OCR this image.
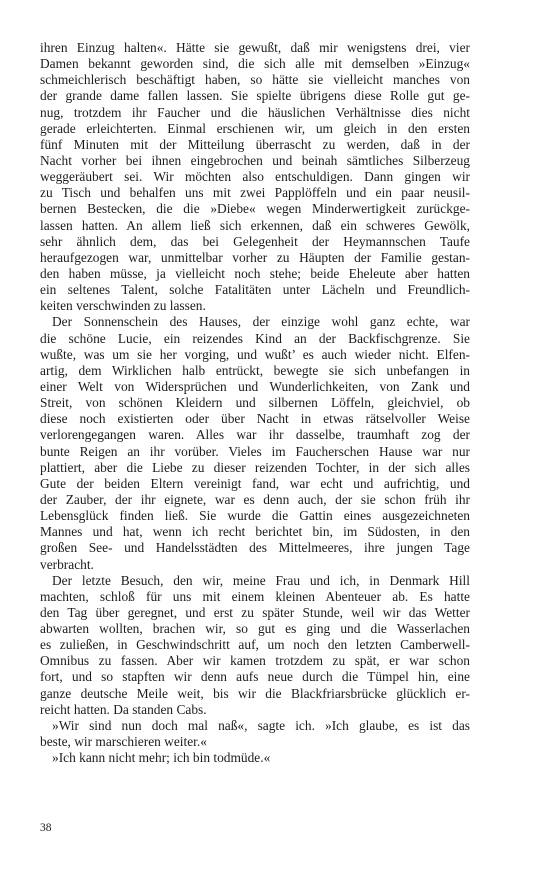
ihren Einzug halten«. Hätte sie gewußt, daß mir wenigstens drei, vier
Damen bekannt geworden sind, die sich alle mit demselben »Einzug«
schmeichlerisch beschäftigt haben, so hätte sie vielleicht manches von
der grande dame fallen lassen. Sie spielte übrigens diese Rolle gut ge-
nug, trotzdem ihr Faucher und die häuslichen Verhältnisse dies nicht
gerade erleichterten. Einmal erschienen wir, um gleich in den ersten
fünf Minuten mit der Mitteilung überrascht zu werden, daß in der
Nacht vorher bei ihnen eingebrochen und beinah sämtliches Silberzeug
weggeräubert sei. Wir möchten also entschuldigen. Dann gingen wir
zu Tisch und behalfen uns mit zwei Papplöffeln und ein paar neusil-
bernen Bestecken, die die »Diebe« wegen Minderwertigkeit zurückge-
lassen hatten. An allem ließ sich erkennen, daß ein schweres Gewölk,
sehr ähnlich dem, das bei Gelegenheit der Heymannschen Taufe
heraufgezogen war, unmittelbar vorher zu Häupten der Familie gestan-
den haben müsse, ja vielleicht noch stehe; beide Eheleute aber hatten
ein seltenes Talent, solche Fatalitäten unter Lächeln und Freundlich-
keiten verschwinden zu lassen.
Der Sonnenschein des Hauses, der einzige wohl ganz echte, war
die schöne Lucie, ein reizendes Kind an der Backfischgrenze. Sie
wußte, was um sie her vorging, und wußt’ es auch wieder nicht. Elfen-
artig, dem Wirklichen halb entrückt, bewegte sie sich unbefangen in
einer Welt von Widersprüchen und Wunderlichkeiten, von Zank und
Streit, von schönen Kleidern und silbernen Löffeln, gleichviel, ob
diese noch existierten oder über Nacht in etwas rätselvoller Weise
verlorengegangen waren. Alles war ihr dasselbe, traumhaft zog der
bunte Reigen an ihr vorüber. Vieles im Faucherschen Hause war nur
plattiert, aber die Liebe zu dieser reizenden Tochter, in der sich alles
Gute der beiden Eltern vereinigt fand, war echt und aufrichtig, und
der Zauber, der ihr eignete, war es denn auch, der sie schon früh ihr
Lebensglück finden ließ. Sie wurde die Gattin eines ausgezeichneten
Mannes und hat, wenn ich recht berichtet bin, im Südosten, in den
großen See- und Handelsstädten des Mittelmeeres, ihre jungen Tage
verbracht.
Der letzte Besuch, den wir, meine Frau und ich, in Denmark Hill
machten, schloß für uns mit einem kleinen Abenteuer ab. Es hatte
den Tag über geregnet, und erst zu später Stunde, weil wir das Wetter
abwarten wollten, brachen wir, so gut es ging und die Wasserlachen
es zuließen, in Geschwindschritt auf, um noch den letzten Camberwell-
Omnibus zu fassen. Aber wir kamen trotzdem zu spät, er war schon
fort, und so stapften wir denn aufs neue durch die Tümpel hin, eine
ganze deutsche Meile weit, bis wir die Blackfriarsbrücke glücklich er-
reicht hatten. Da standen Cabs.
»Wir sind nun doch mal naß«, sagte ich. »Ich glaube, es ist das
beste, wir marschieren weiter.«
»Ich kann nicht mehr; ich bin todmüde.«
38
